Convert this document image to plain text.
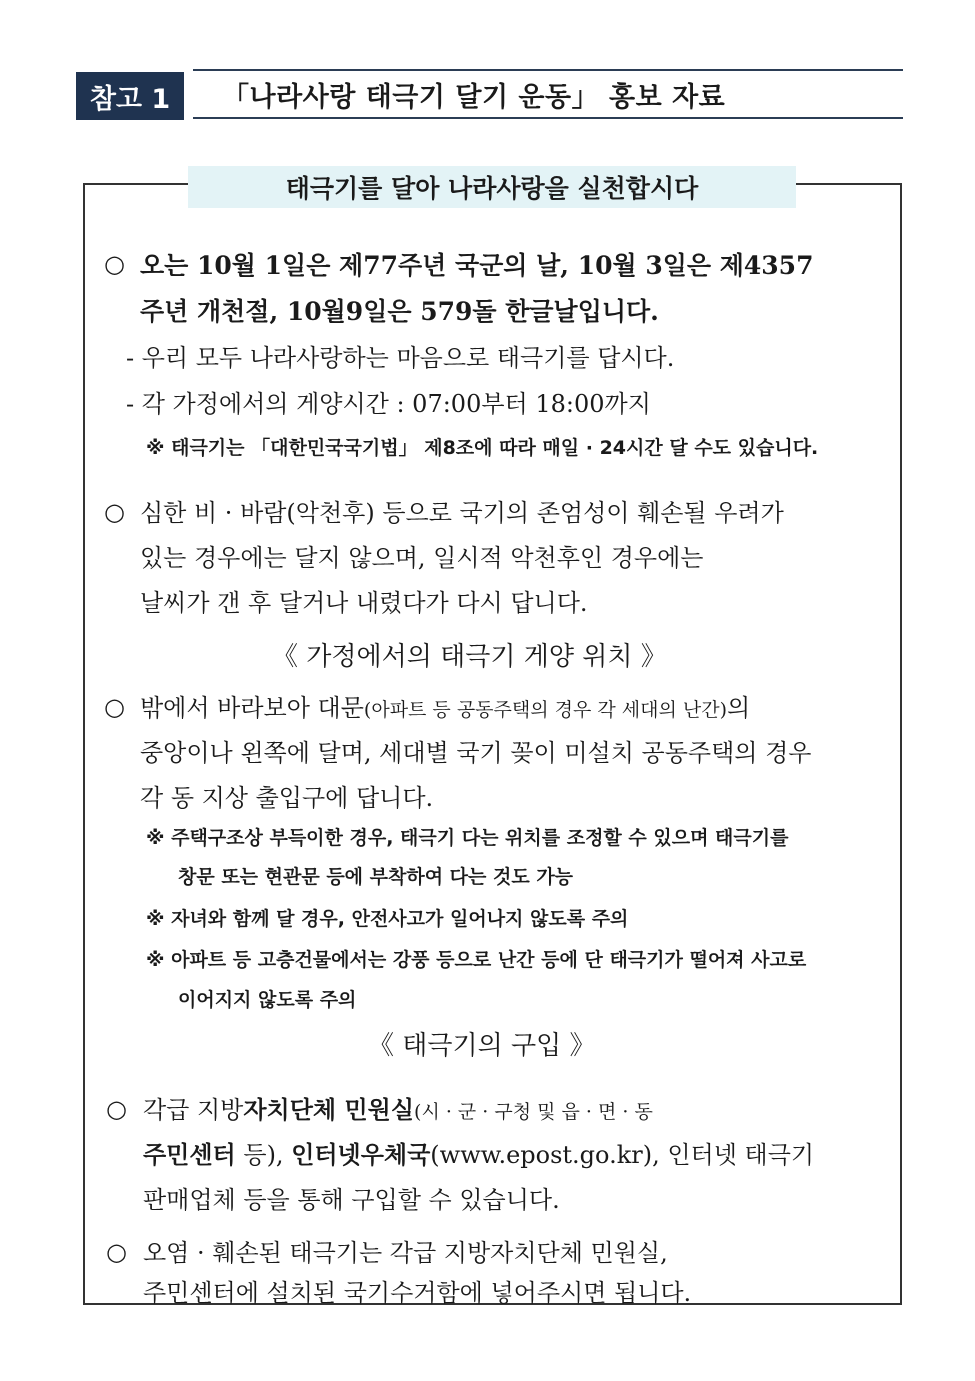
참고 1	「나라사랑 태극기 달기 운동」 홍보 자료
태극기를 달아 나라사랑을 실천합시다
○ 오는 10월 1일은 제77주년 국군의 날, 10월 3일은 제4357
주년 개천절, 10월9일은 579돌 한글날입니다.
- 우리 모두 나라사랑하는 마음으로 태극기를 답시다.
- 각 가정에서의 게양시간 : 07:00부터 18:00까지
※ 태극기는 「대한민국국기법」 제8조에 따라 매일 · 24시간 달 수도 있습니다.
○ 심한 비 · 바람(악천후) 등으로 국기의 존엄성이 훼손될 우려가
있는 경우에는 달지 않으며, 일시적 악천후인 경우에는
날씨가 갠 후 달거나 내렸다가 다시 답니다.
《 가정에서의 태극기 게양 위치 》
○ 밖에서 바라보아 대문(아파트 등 공동주택의 경우 각 세대의 난간)의
중앙이나 왼쪽에 달며, 세대별 국기 꽂이 미설치 공동주택의 경우
각 동 지상 출입구에 답니다.
※ 주택구조상 부득이한 경우, 태극기 다는 위치를 조정할 수 있으며 태극기를
창문 또는 현관문 등에 부착하여 다는 것도 가능
※ 자녀와 함께 달 경우, 안전사고가 일어나지 않도록 주의
※ 아파트 등 고층건물에서는 강풍 등으로 난간 등에 단 태극기가 떨어져 사고로
이어지지 않도록 주의
《 태극기의 구입 》
○ 각급 지방자치단체 민원실(시 · 군 · 구청 및 읍 · 면 · 동
주민센터 등), 인터넷우체국(www.epost.go.kr), 인터넷 태극기
판매업체 등을 통해 구입할 수 있습니다.
○ 오염 · 훼손된 태극기는 각급 지방자치단체 민원실,
주민센터에 설치된 국기수거함에 넣어주시면 됩니다.
